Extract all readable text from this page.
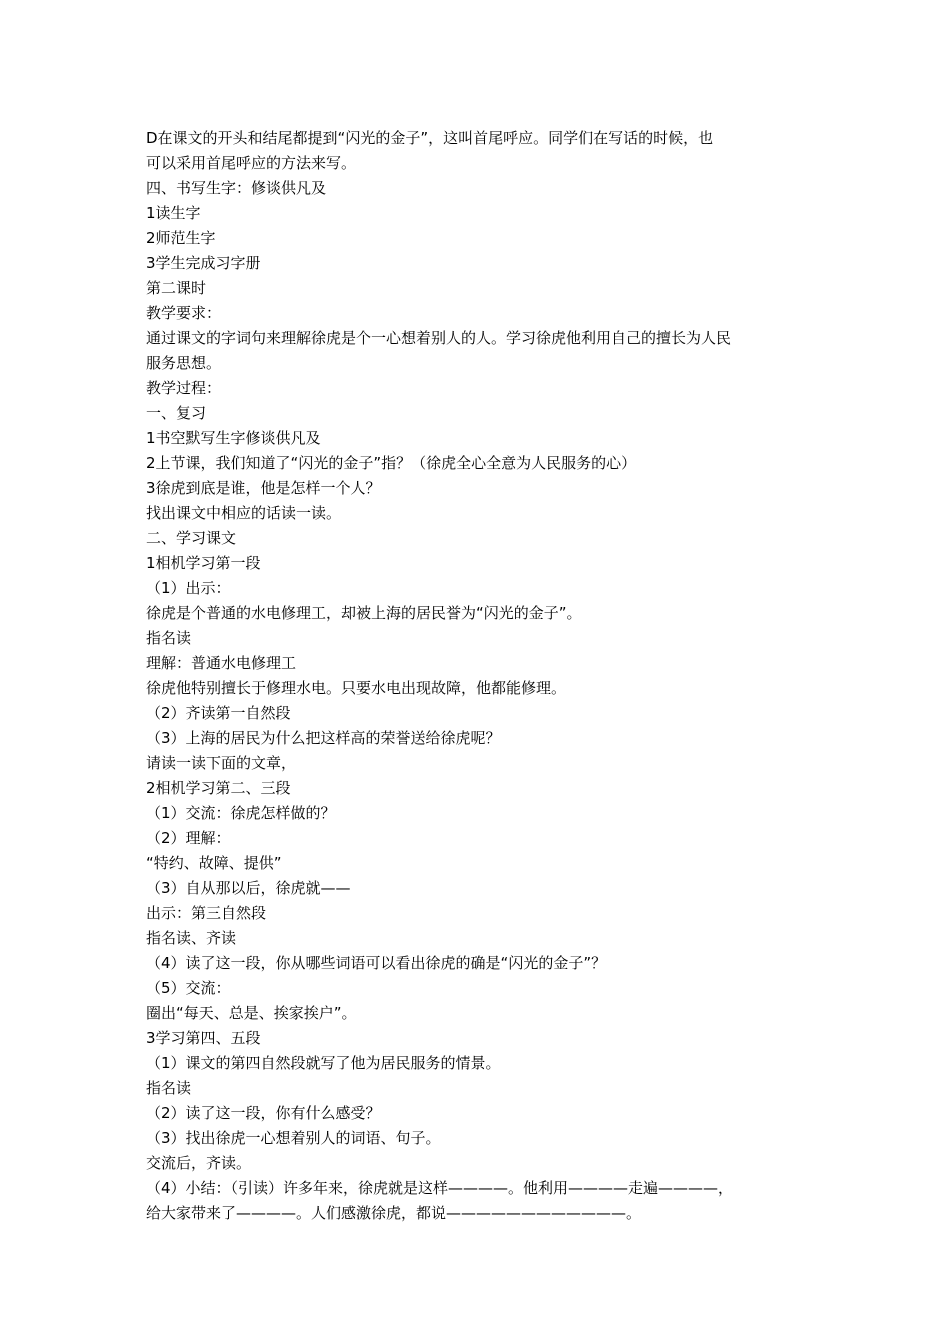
D在课文的开头和结尾都提到“闪光的金子”，这叫首尾呼应。同学们在写话的时候，也
可以采用首尾呼应的方法来写。
四、书写生字：修谈供凡及
1读生字
2师范生字
3学生完成习字册
第二课时
教学要求：
通过课文的字词句来理解徐虎是个一心想着别人的人。学习徐虎他利用自己的擅长为人民
服务思想。
教学过程：
一、复习
1书空默写生字修谈供凡及
2上节课，我们知道了“闪光的金子”指？（徐虎全心全意为人民服务的心）
3徐虎到底是谁，他是怎样一个人？
找出课文中相应的话读一读。
二、学习课文
1相机学习第一段
（1）出示：
徐虎是个普通的水电修理工，却被上海的居民誉为“闪光的金子”。
指名读
理解：普通水电修理工
徐虎他特别擅长于修理水电。只要水电出现故障，他都能修理。
（2）齐读第一自然段
（3）上海的居民为什么把这样高的荣誉送给徐虎呢？
请读一读下面的文章，
2相机学习第二、三段
（1）交流：徐虎怎样做的？
（2）理解：
“特约、故障、提供”
（3）自从那以后，徐虎就——
出示：第三自然段
指名读、齐读
（4）读了这一段，你从哪些词语可以看出徐虎的确是“闪光的金子”？
（5）交流：
圈出“每天、总是、挨家挨户”。
3学习第四、五段
（1）课文的第四自然段就写了他为居民服务的情景。
指名读
（2）读了这一段，你有什么感受？
（3）找出徐虎一心想着别人的词语、句子。
交流后，齐读。
（4）小结：（引读）许多年来，徐虎就是这样————。他利用————走遍————，
给大家带来了————。人们感激徐虎，都说————————————。
